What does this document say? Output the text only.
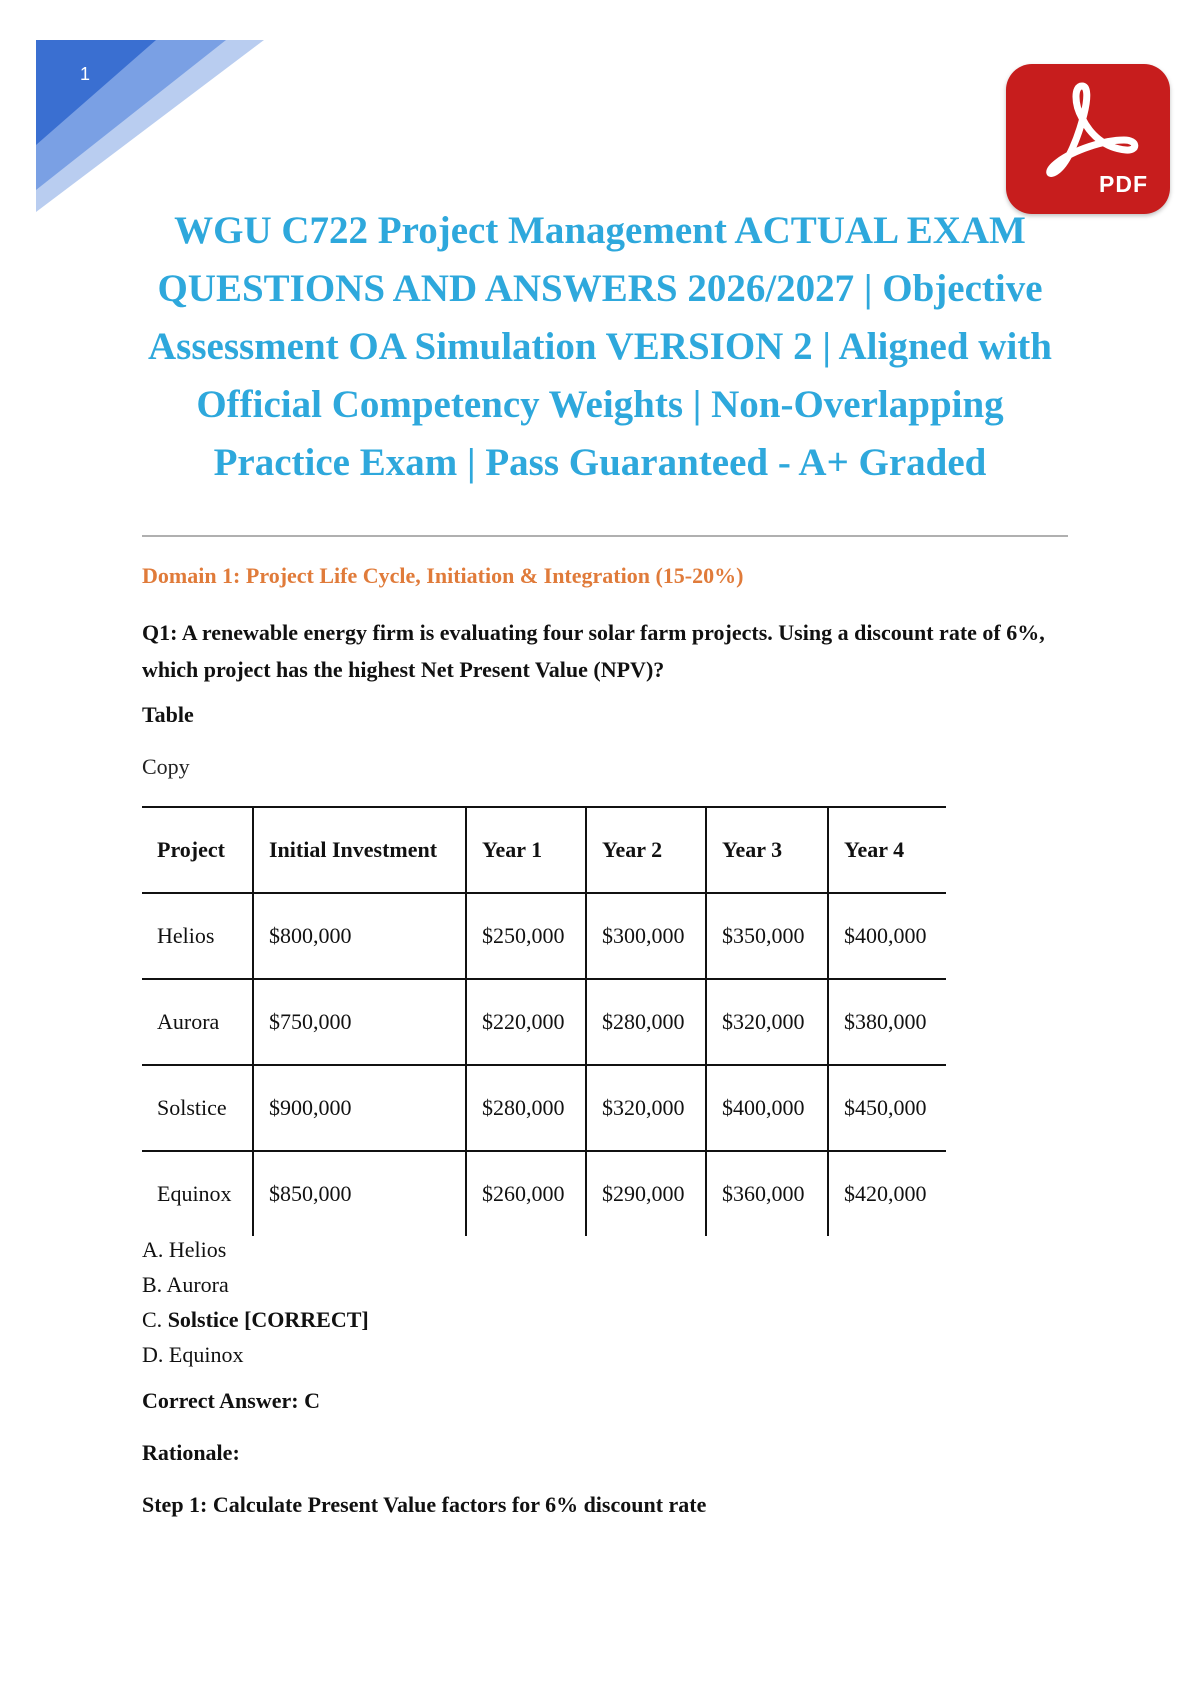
1
PDF
WGU C722 Project Management ACTUAL EXAM QUESTIONS AND ANSWERS 2026/2027 | Objective Assessment OA Simulation VERSION 2 | Aligned with Official Competency Weights | Non-Overlapping Practice Exam | Pass Guaranteed - A+ Graded
Domain 1: Project Life Cycle, Initiation & Integration (15-20%)

Q1: A renewable energy firm is evaluating four solar farm projects. Using a discount rate of 6%, which project has the highest Net Present Value (NPV)?

Table
Copy
Project	Initial Investment	Year 1	Year 2	Year 3	Year 4
Helios	$800,000	$250,000	$300,000	$350,000	$400,000
Aurora	$750,000	$220,000	$280,000	$320,000	$380,000
Solstice	$900,000	$280,000	$320,000	$400,000	$450,000
Equinox	$850,000	$260,000	$290,000	$360,000	$420,000
A. Helios
B. Aurora
C. Solstice [CORRECT]
D. Equinox
Correct Answer: C
Rationale:
Step 1: Calculate Present Value factors for 6% discount rate
